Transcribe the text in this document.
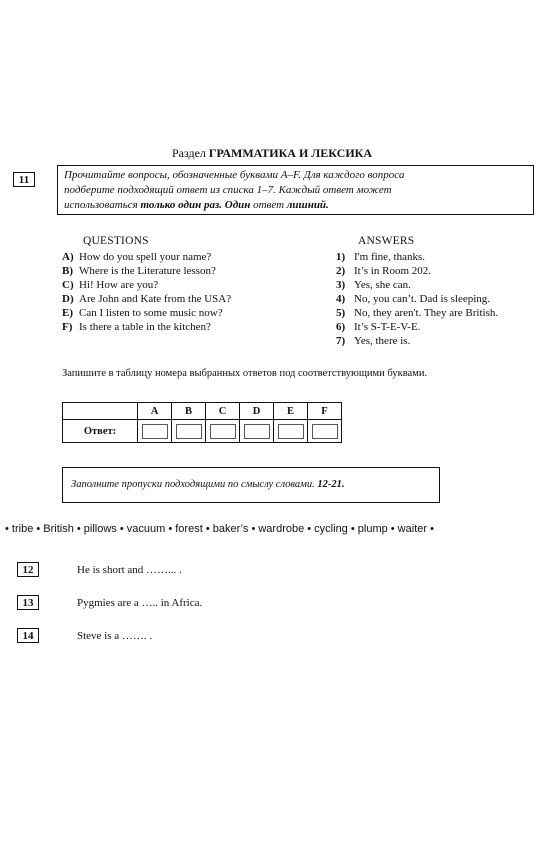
Раздел ГРАММАТИКА И ЛЕКСИКА
11	Прочитайте вопросы, обозначенные буквами A–F. Для каждого вопроса
подберите подходящий ответ из списка 1–7. Каждый ответ может
использоваться только один раз. Один ответ лишний.
QUESTIONS	ANSWERS
A) How do you spell your name?
B) Where is the Literature lesson?
C) Hi! How are you?
D) Are John and Kate from the USA?
E) Can I listen to some music now?
F) Is there a table in the kitchen?
1) I'm fine, thanks.
2) It’s in Room 202.
3) Yes, she can.
4) No, you can’t. Dad is sleeping.
5) No, they aren't. They are British.
6) It’s S-T-E-V-E.
7) Yes, there is.
Запишите в таблицу номера выбранных ответов под соответствующими буквами.
	A	B	C	D	E	F
Ответ:	

Заполните пропуски подходящими по смыслу словами. 12-21.
• tribe • British • pillows • vacuum • forest • baker’s • wardrobe • cycling • plump • waiter •
12	He is short and ……... .
13	Pygmies are a ….. in Africa.
14	Steve is a ……. .
